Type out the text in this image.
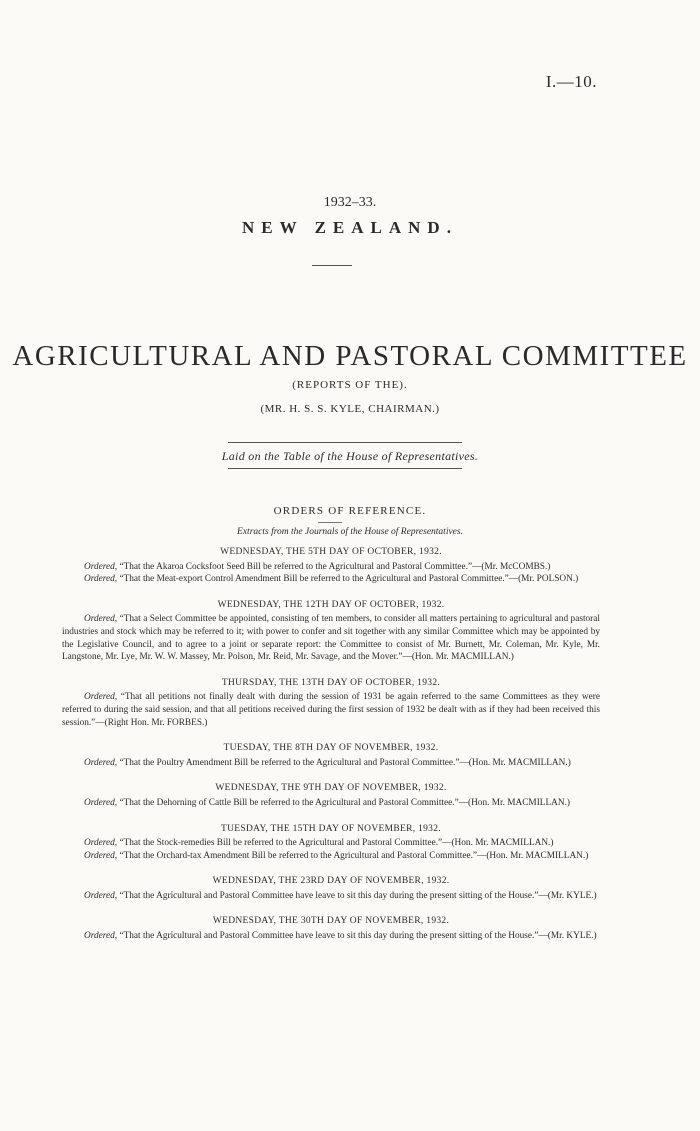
I.—10.
1932–33.
NEW ZEALAND.
AGRICULTURAL AND PASTORAL COMMITTEE
(REPORTS OF THE).
(MR. H. S. S. KYLE, CHAIRMAN.)
Laid on the Table of the House of Representatives.
ORDERS OF REFERENCE.
Extracts from the Journals of the House of Representatives.
WEDNESDAY, THE 5TH DAY OF OCTOBER, 1932.

Ordered, “That the Akaroa Cocksfoot Seed Bill be referred to the Agricultural and Pastoral Committee.”—(Mr. McCOMBS.)

Ordered, “That the Meat-export Control Amendment Bill be referred to the Agricultural and Pastoral Committee.”—(Mr. POLSON.)

WEDNESDAY, THE 12TH DAY OF OCTOBER, 1932.

Ordered, “That a Select Committee be appointed, consisting of ten members, to consider all matters pertaining to agricultural and pastoral industries and stock which may be referred to it; with power to confer and sit together with any similar Committee which may be appointed by the Legislative Council, and to agree to a joint or separate report: the Committee to consist of Mr. Burnett, Mr. Coleman, Mr. Kyle, Mr. Langstone, Mr. Lye, Mr. W. W. Massey, Mr. Polson, Mr. Reid, Mr. Savage, and the Mover.”—(Hon. Mr. MACMILLAN.)

THURSDAY, THE 13TH DAY OF OCTOBER, 1932.

Ordered, “That all petitions not finally dealt with during the session of 1931 be again referred to the same Committees as they were referred to during the said session, and that all petitions received during the first session of 1932 be dealt with as if they had been received this session.”—(Right Hon. Mr. FORBES.)

TUESDAY, THE 8TH DAY OF NOVEMBER, 1932.

Ordered, “That the Poultry Amendment Bill be referred to the Agricultural and Pastoral Committee.”—(Hon. Mr. MACMILLAN.)

WEDNESDAY, THE 9TH DAY OF NOVEMBER, 1932.

Ordered, “That the Dehorning of Cattle Bill be referred to the Agricultural and Pastoral Committee.”—(Hon. Mr. MACMILLAN.)

TUESDAY, THE 15TH DAY OF NOVEMBER, 1932.

Ordered, “That the Stock-remedies Bill be referred to the Agricultural and Pastoral Committee.”—(Hon. Mr. MACMILLAN.)

Ordered, “That the Orchard-tax Amendment Bill be referred to the Agricultural and Pastoral Committee.”—(Hon. Mr. MACMILLAN.)

WEDNESDAY, THE 23RD DAY OF NOVEMBER, 1932.

Ordered, “That the Agricultural and Pastoral Committee have leave to sit this day during the present sitting of the House.”—(Mr. KYLE.)

WEDNESDAY, THE 30TH DAY OF NOVEMBER, 1932.

Ordered, “That the Agricultural and Pastoral Committee have leave to sit this day during the present sitting of the House.”—(Mr. KYLE.)
